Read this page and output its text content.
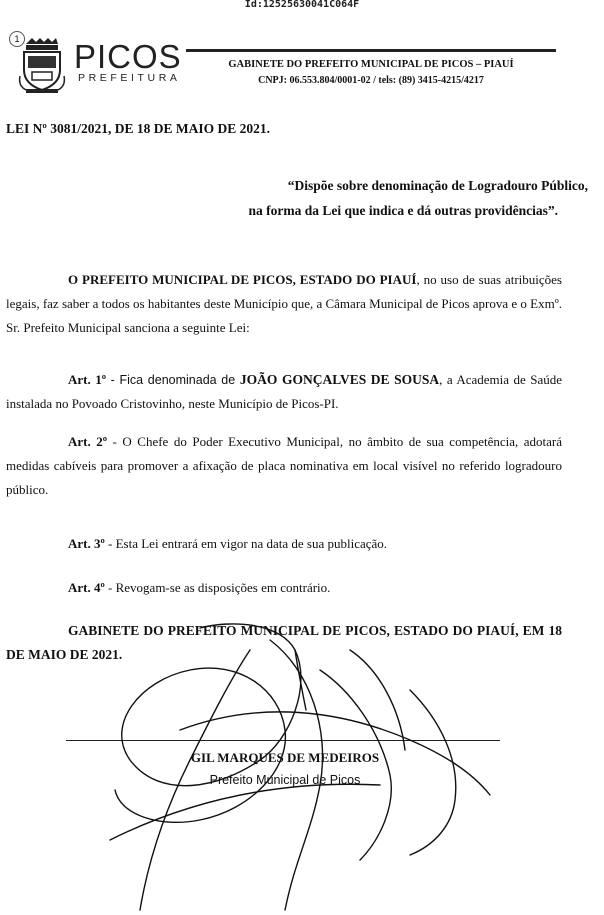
Id:12525630041C064F
1 PICOS
PREFEITURA
GABINETE DO PREFEITO MUNICIPAL DE PICOS – PIAUÍ
CNPJ: 06.553.804/0001-02 / tels: (89) 3415-4215/4217
LEI Nº 3081/2021, DE 18 DE MAIO DE 2021.
“Dispõe sobre denominação de Logradouro Público,
na forma da Lei que indica e dá outras providências”.
O PREFEITO MUNICIPAL DE PICOS, ESTADO DO PIAUÍ, no uso de suas atribuições legais, faz saber a todos os habitantes deste Município que, a Câmara Municipal de Picos aprova e o Exmº. Sr. Prefeito Municipal sanciona a seguinte Lei:
Art. 1º - Fica denominada de JOÃO GONÇALVES DE SOUSA, a Academia de Saúde instalada no Povoado Cristovinho, neste Município de Picos-PI.
Art. 2º - O Chefe do Poder Executivo Municipal, no âmbito de sua competência, adotará medidas cabíveis para promover a afixação de placa nominativa em local visível no referido logradouro público.
Art. 3º - Esta Lei entrará em vigor na data de sua publicação.
Art. 4º - Revogam-se as disposições em contrário.
GABINETE DO PREFEITO MUNICIPAL DE PICOS, ESTADO DO PIAUÍ, EM 18 DE MAIO DE 2021.
GIL MARQUES DE MEDEIROS
Prefeito Municipal de Picos
